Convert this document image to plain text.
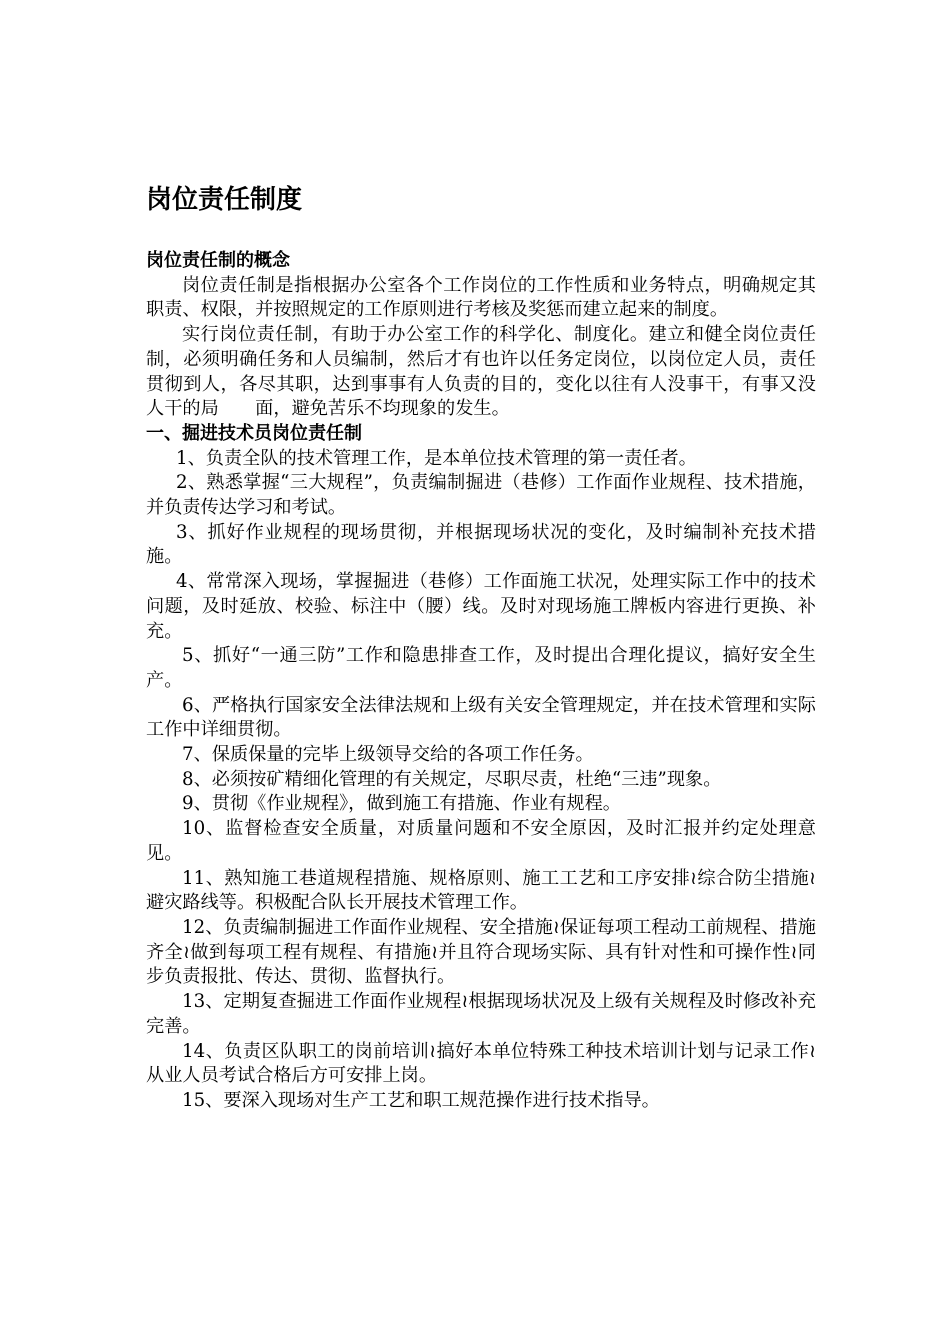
岗位责任制度

岗位责任制的概念

岗位责任制是指根据办公室各个工作岗位的工作性质和业务特点，明确规定其职责、权限，并按照规定的工作原则进行考核及奖惩而建立起来的制度。

实行岗位责任制，有助于办公室工作的科学化、制度化。建立和健全岗位责任制，必须明确任务和人员编制，然后才有也许以任务定岗位，以岗位定人员，责任贯彻到人，各尽其职，达到事事有人负责的目的，变化以往有人没事干，有事又没人干的局　　面，避免苦乐不均现象的发生。

一、掘进技术员岗位责任制

1、负责全队的技术管理工作，是本单位技术管理的第一责任者。

2、熟悉掌握“三大规程”，负责编制掘进（巷修）工作面作业规程、技术措施，并负责传达学习和考试。

3、抓好作业规程的现场贯彻，并根据现场状况的变化，及时编制补充技术措施。

4、常常深入现场，掌握掘进（巷修）工作面施工状况，处理实际工作中的技术问题，及时延放、校验、标注中（腰）线。及时对现场施工牌板内容进行更换、补充。

5、抓好“一通三防”工作和隐患排查工作，及时提出合理化提议，搞好安全生产。

6、严格执行国家安全法律法规和上级有关安全管理规定，并在技术管理和实际工作中详细贯彻。

7、保质保量的完毕上级领导交给的各项工作任务。

8、必须按矿精细化管理的有关规定，尽职尽责，杜绝“三违”现象。

9、贯彻《作业规程》，做到施工有措施、作业有规程。

10、监督检查安全质量，对质量问题和不安全原因，及时汇报并约定处理意见。

11、熟知施工巷道规程措施、规格原则、施工工艺和工序安排≀综合防尘措施≀避灾路线等。积极配合队长开展技术管理工作。

12、负责编制掘进工作面作业规程、安全措施≀保证每项工程动工前规程、措施齐全≀做到每项工程有规程、有措施≀并且符合现场实际、具有针对性和可操作性≀同步负责报批、传达、贯彻、监督执行。

13、定期复查掘进工作面作业规程≀根据现场状况及上级有关规程及时修改补充完善。

14、负责区队职工的岗前培训≀搞好本单位特殊工种技术培训计划与记录工作≀从业人员考试合格后方可安排上岗。

15、要深入现场对生产工艺和职工规范操作进行技术指导。
